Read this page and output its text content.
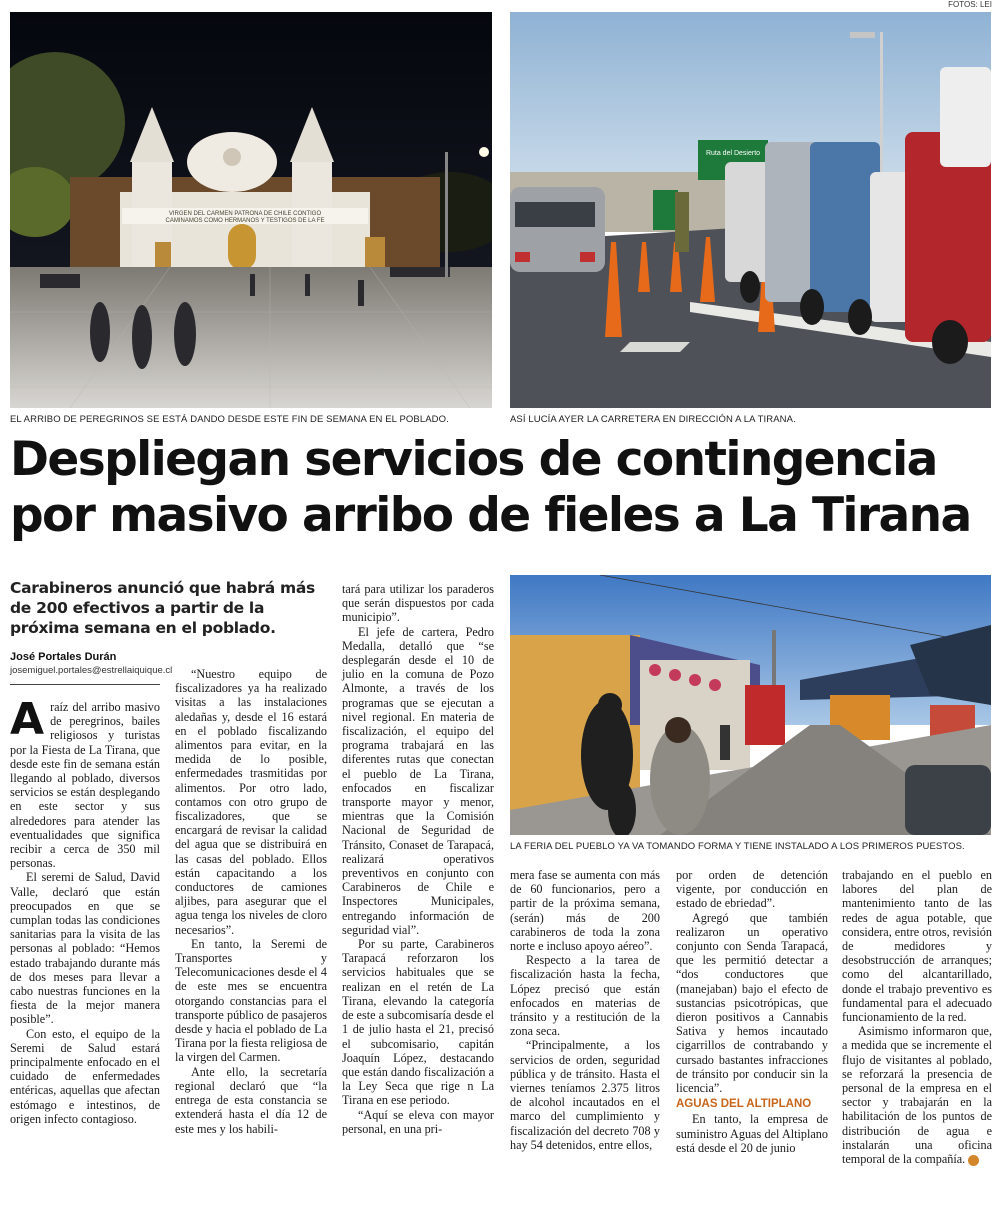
FOTOS: LEI
VIRGEN DEL CARMEN PATRONA DE CHILE CONTIGO
CAMINAMOS COMO HERMANOS Y TESTIGOS DE LA FE
EL ARRIBO DE PEREGRINOS SE ESTÁ DANDO DESDE ESTE FIN DE SEMANA EN EL POBLADO.
Ruta del Desierto
ASÍ LUCÍA AYER LA CARRETERA EN DIRECCIÓN A LA TIRANA.
Despliegan servicios de contingencia
por masivo arribo de fieles a La Tirana

Carabineros anunció que habrá más de 200 efectivos a partir de la próxima semana en el poblado.

José Portales Durán
josemiguel.portales@estrellaiquique.cl

Araíz del arribo masivo de peregrinos, bailes religiosos y turistas por la Fiesta de La Tirana, que desde este fin de semana están llegando al poblado, diversos servicios se están desplegando en este sector y sus alrededores para atender las eventualidades que significa recibir a cerca de 350 mil personas.

El seremi de Salud, David Valle, declaró que están preocupados en que se cumplan todas las condiciones sanitarias para la visita de las personas al poblado: “Hemos estado trabajando durante más de dos meses para llevar a cabo nuestras funciones en la fiesta de la mejor manera posible”.

Con esto, el equipo de la Seremi de Salud estará principalmente enfocado en el cuidado de enfermedades entéricas, aquellas que afectan estómago e intestinos, de origen infecto contagioso.

“Nuestro equipo de fiscalizadores ya ha realizado visitas a las instalaciones aledañas y, desde el 16 estará en el poblado fiscalizando alimentos para evitar, en la medida de lo posible, enfermedades trasmitidas por alimentos. Por otro lado, contamos con otro grupo de fiscalizadores, que se encargará de revisar la calidad del agua que se distribuirá en las casas del poblado. Ellos están capacitando a los conductores de camiones aljibes, para asegurar que el agua tenga los niveles de cloro necesarios”.

En tanto, la Seremi de Transportes y Telecomunicaciones desde el 4 de este mes se encuentra otorgando constancias para el transporte público de pasajeros desde y hacia el poblado de La Tirana por la fiesta religiosa de la virgen del Carmen.

Ante ello, la secretaría regional declaró que “la entrega de esta constancia se extenderá hasta el día 12 de este mes y los habili-

tará para utilizar los paraderos que serán dispuestos por cada municipio”.

El jefe de cartera, Pedro Medalla, detalló que “se desplegarán desde el 10 de julio en la comuna de Pozo Almonte, a través de los programas que se ejecutan a nivel regional. En materia de fiscalización, el equipo del programa trabajará en las diferentes rutas que conectan el pueblo de La Tirana, enfocados en fiscalizar transporte mayor y menor, mientras que la Comisión Nacional de Seguridad de Tránsito, Conaset de Tarapacá, realizará operativos preventivos en conjunto con Carabineros de Chile e Inspectores Municipales, entregando información de seguridad vial”.

Por su parte, Carabineros Tarapacá reforzaron los servicios habituales que se realizan en el retén de La Tirana, elevando la categoría de este a subcomisaría desde el 1 de julio hasta el 21, precisó el subcomisario, capitán Joaquín López, destacando que están dando fiscalización a la Ley Seca que rige n La Tirana en ese periodo.

“Aquí se eleva con mayor personal, en una pri-

LA FERIA DEL PUEBLO YA VA TOMANDO FORMA Y TIENE INSTALADO A LOS PRIMEROS PUESTOS.

mera fase se aumenta con más de 60 funcionarios, pero a partir de la próxima semana, (serán) más de 200 carabineros de toda la zona norte e incluso apoyo aéreo”.

Respecto a la tarea de fiscalización hasta la fecha, López precisó que están enfocados en materias de tránsito y a restitución de la zona seca.

“Principalmente, a los servicios de orden, seguridad pública y de tránsito. Hasta el viernes teníamos 2.375 litros de alcohol incautados en el marco del cumplimiento y fiscalización del decreto 708 y hay 54 detenidos, entre ellos,

por orden de detención vigente, por conducción en estado de ebriedad”.

Agregó que también realizaron un operativo conjunto con Senda Tarapacá, que les permitió detectar a “dos conductores que (manejaban) bajo el efecto de sustancias psicotrópicas, que dieron positivos a Cannabis Sativa y hemos incautado cigarrillos de contrabando y cursado bastantes infracciones de tránsito por conducir sin la licencia”.

AGUAS DEL ALTIPLANO

En tanto, la empresa de suministro Aguas del Altiplano está desde el 20 de junio

trabajando en el pueblo en labores del plan de mantenimiento tanto de las redes de agua potable, que considera, entre otros, revisión de medidores y desobstrucción de arranques; como del alcantarillado, donde el trabajo preventivo es fundamental para el adecuado funcionamiento de la red.

Asimismo informaron que, a medida que se incremente el flujo de visitantes al poblado, se reforzará la presencia de personal de la empresa en el sector y trabajarán en la habilitación de los puntos de distribución de agua e instalarán una oficina temporal de la compañía.
